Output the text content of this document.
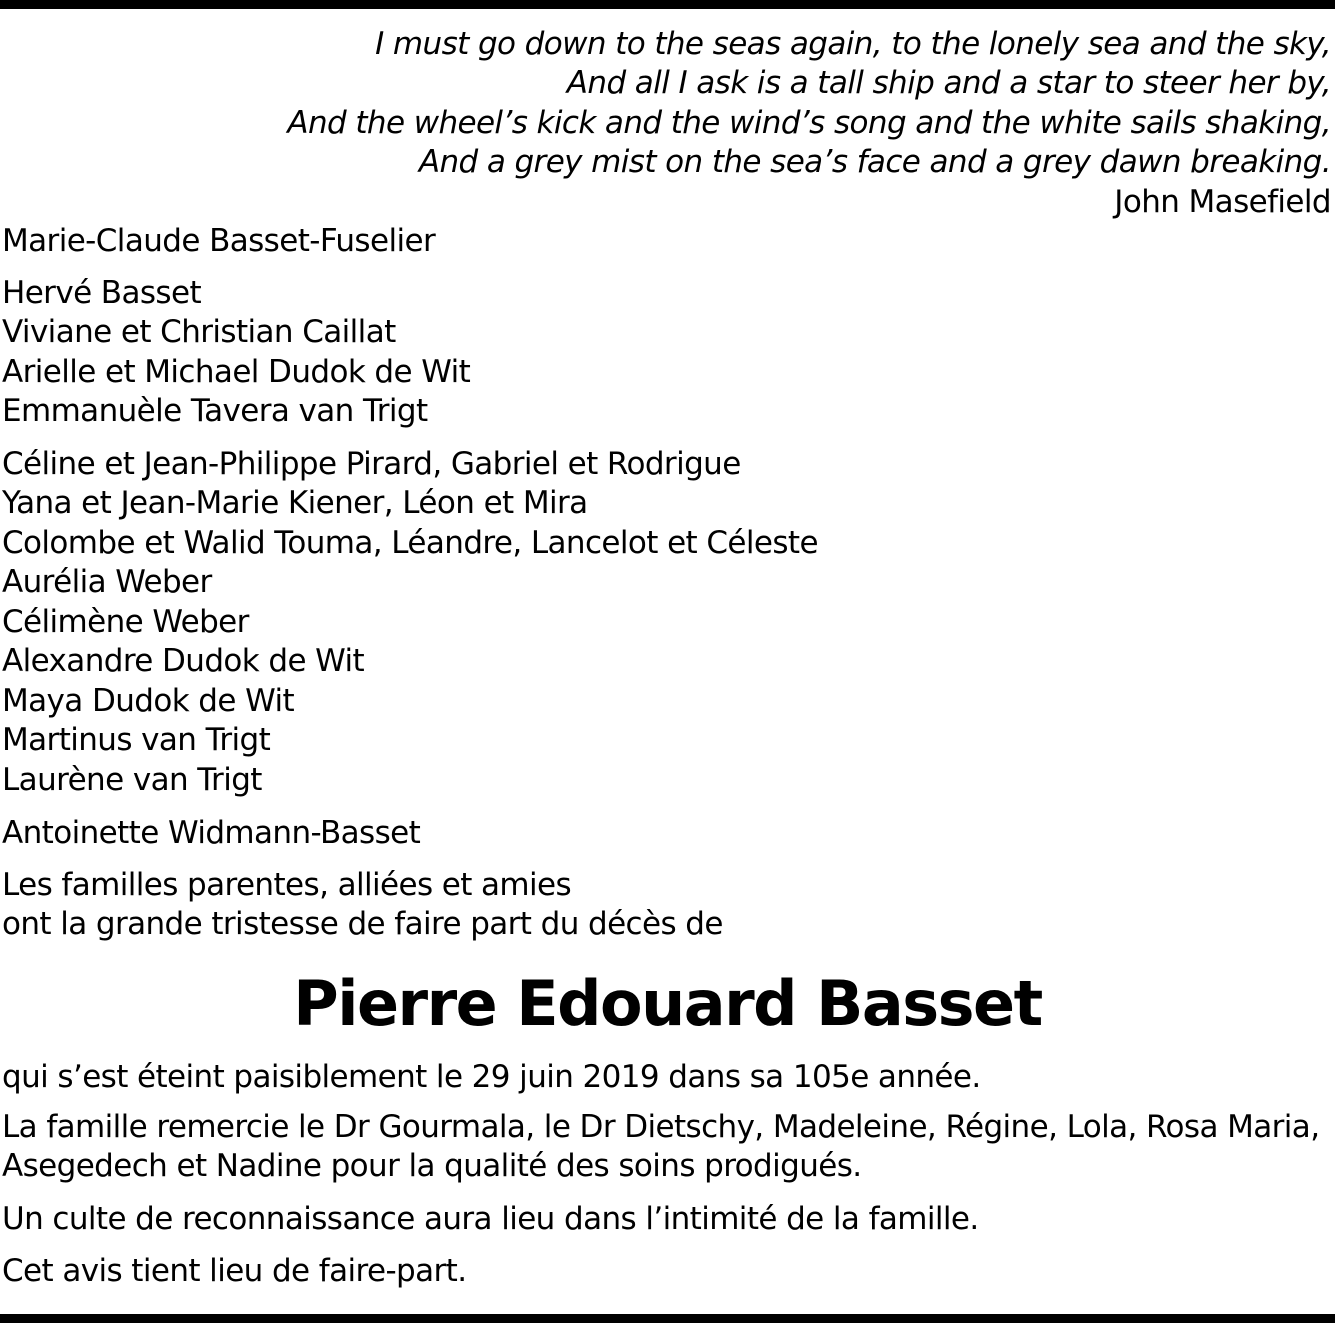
I must go down to the seas again, to the lonely sea and the sky,
And all I ask is a tall ship and a star to steer her by,
And the wheel’s kick and the wind’s song and the white sails shaking,
And a grey mist on the sea’s face and a grey dawn breaking.
John Masefield
Marie-Claude Basset-Fuselier
Hervé Basset
Viviane et Christian Caillat
Arielle et Michael Dudok de Wit
Emmanuèle Tavera van Trigt
Céline et Jean-Philippe Pirard, Gabriel et Rodrigue
Yana et Jean-Marie Kiener, Léon et Mira
Colombe et Walid Touma, Léandre, Lancelot et Céleste
Aurélia Weber
Célimène Weber
Alexandre Dudok de Wit
Maya Dudok de Wit
Martinus van Trigt
Laurène van Trigt
Antoinette Widmann-Basset
Les familles parentes, alliées et amies
ont la grande tristesse de faire part du décès de
Pierre Edouard Basset
qui s’est éteint paisiblement le 29 juin 2019 dans sa 105e année.
La famille remercie le Dr Gourmala, le Dr Dietschy, Madeleine, Régine, Lola, Rosa Maria,
Asegedech et Nadine pour la qualité des soins prodigués.
Un culte de reconnaissance aura lieu dans l’intimité de la famille.
Cet avis tient lieu de faire-part.
